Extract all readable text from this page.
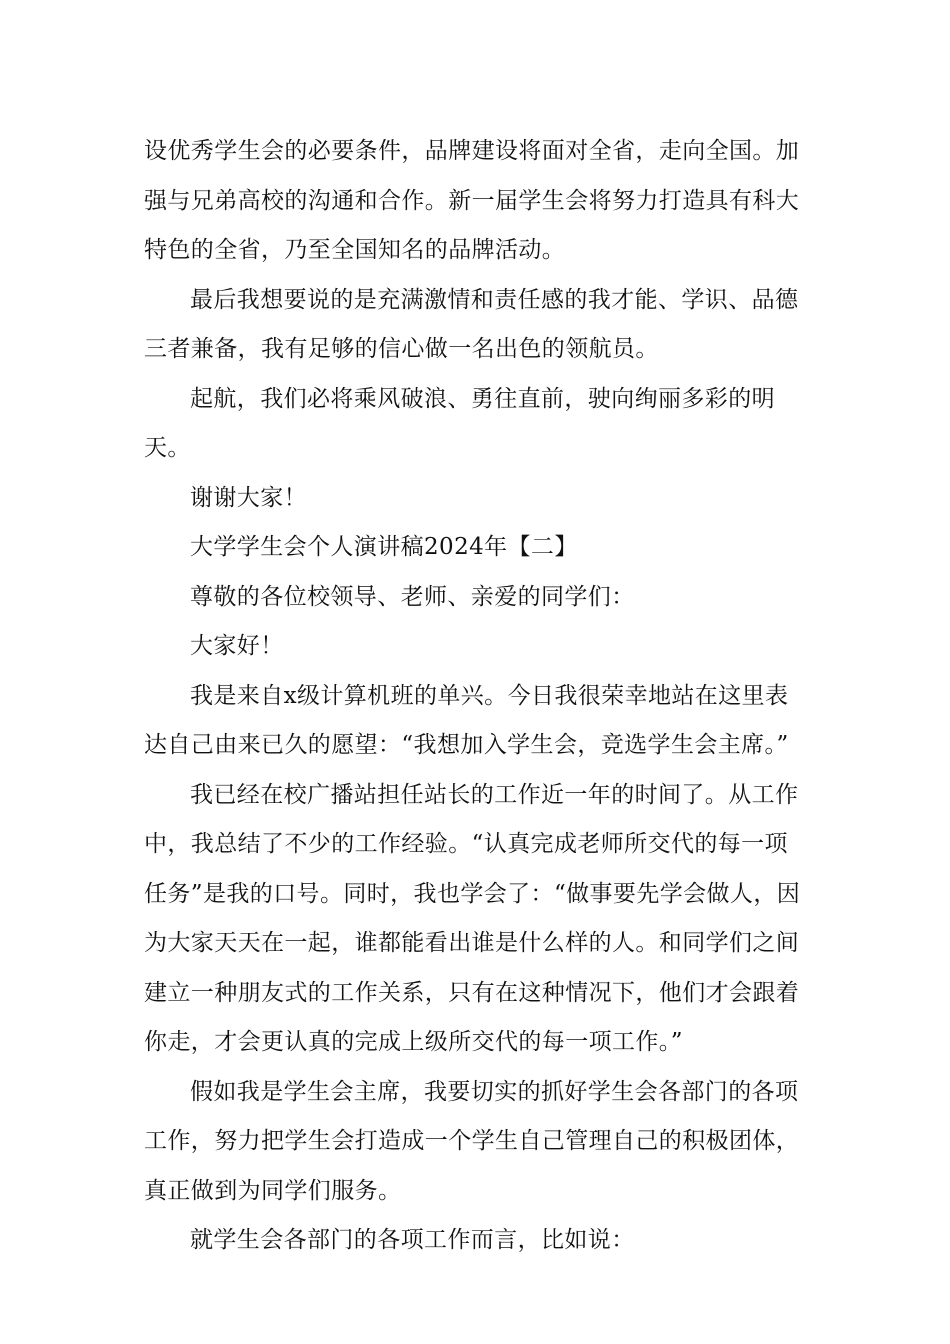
设优秀学生会的必要条件，品牌建设将面对全省，走向全国。加强与兄弟高校的沟通和合作。新一届学生会将努力打造具有科大特色的全省，乃至全国知名的品牌活动。

最后我想要说的是充满激情和责任感的我才能、学识、品德三者兼备，我有足够的信心做一名出色的领航员。

起航，我们必将乘风破浪、勇往直前，驶向绚丽多彩的明天。

谢谢大家！

大学学生会个人演讲稿2024年【二】

尊敬的各位校领导、老师、亲爱的同学们：

大家好！

我是来自x级计算机班的单兴。今日我很荣幸地站在这里表达自己由来已久的愿望：“我想加入学生会，竞选学生会主席。”

我已经在校广播站担任站长的工作近一年的时间了。从工作中，我总结了不少的工作经验。“认真完成老师所交代的每一项任务”是我的口号。同时，我也学会了：“做事要先学会做人，因为大家天天在一起，谁都能看出谁是什么样的人。和同学们之间建立一种朋友式的工作关系，只有在这种情况下，他们才会跟着你走，才会更认真的完成上级所交代的每一项工作。”

假如我是学生会主席，我要切实的抓好学生会各部门的各项工作，努力把学生会打造成一个学生自己管理自己的积极团体，真正做到为同学们服务。

就学生会各部门的各项工作而言，比如说：
